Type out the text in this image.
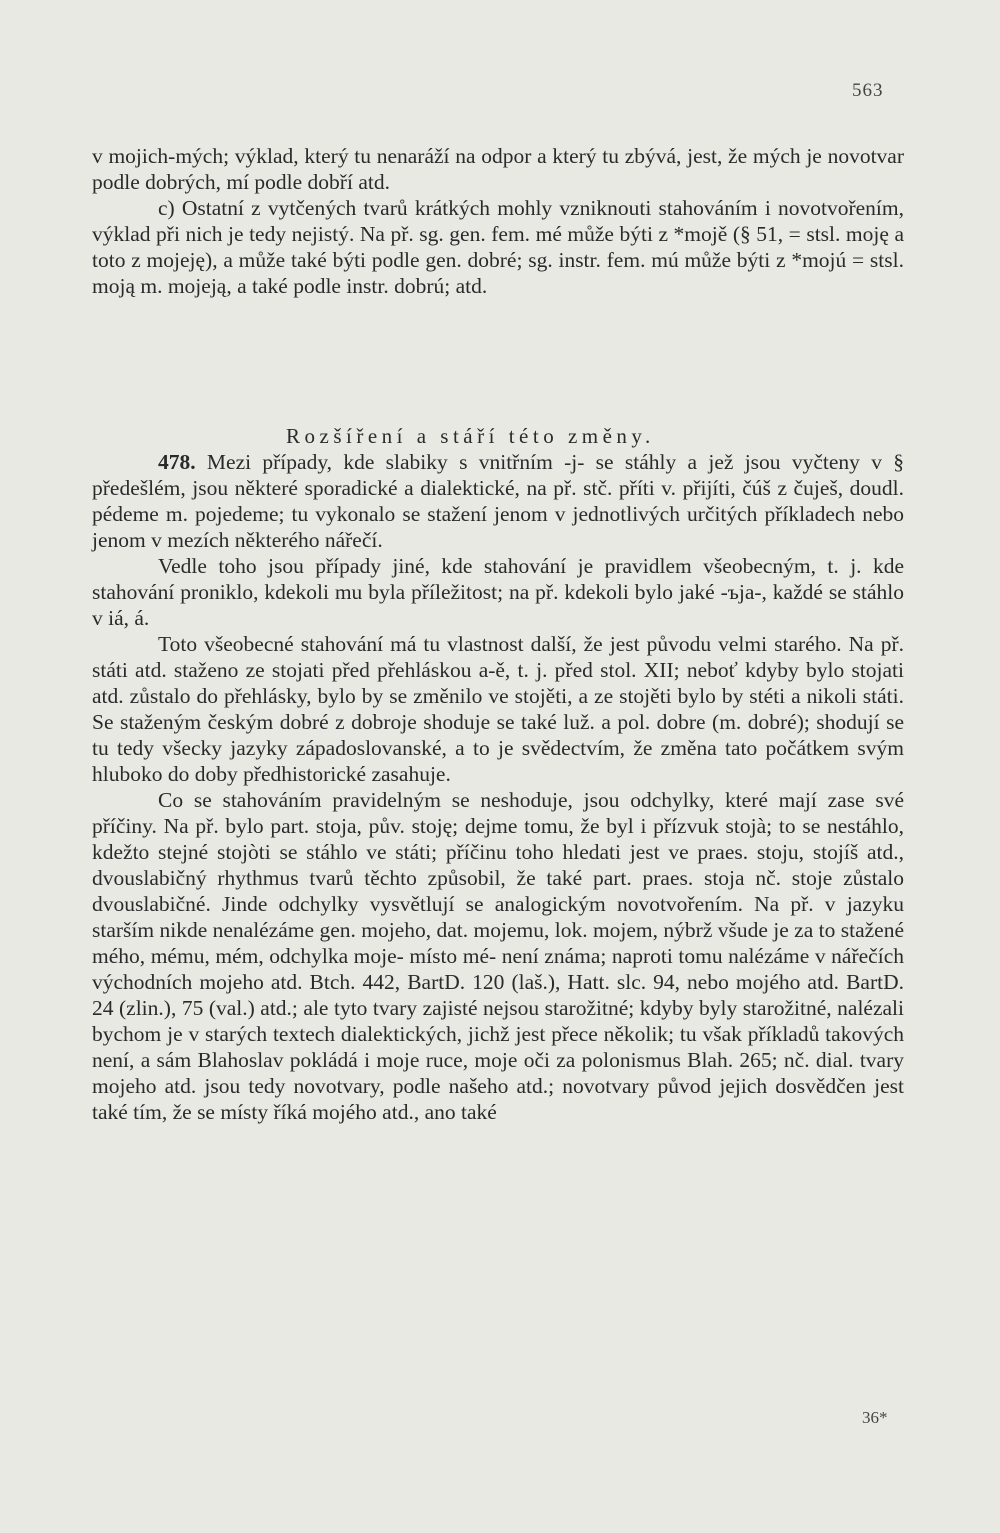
563

v mojich-mých; výklad, který tu nenaráží na odpor a který tu zbývá, jest, že mých je novotvar podle dobrých, mí podle dobří atd.

c) Ostatní z vytčených tvarů krátkých mohly vzniknouti stahováním i novotvořením, výklad při nich je tedy nejistý. Na př. sg. gen. fem. mé může býti z *mojě (§ 51, = stsl. moję a toto z mojeję), a může také býti podle gen. dobré; sg. instr. fem. mú může býti z *mojú = stsl. moją m. mojeją, a také podle instr. dobrú; atd.

Rozšíření a stáří této změny.

478. Mezi případy, kde slabiky s vnitřním -j- se stáhly a jež jsou vyčteny v § předešlém, jsou některé sporadické a dialektické, na př. stč. příti v. přijíti, čúš z čuješ, doudl. pédeme m. pojedeme; tu vykonalo se stažení jenom v jednotlivých určitých příkladech nebo jenom v mezích některého nářečí.

Vedle toho jsou případy jiné, kde stahování je pravidlem všeobecným, t. j. kde stahování proniklo, kdekoli mu byla příležitost; na př. kdekoli bylo jaké -ъja-, každé se stáhlo v iá, á.

Toto všeobecné stahování má tu vlastnost další, že jest původu velmi starého. Na př. státi atd. staženo ze stojati před přehláskou a-ě, t. j. před stol. XII; neboť kdyby bylo stojati atd. zůstalo do přehlásky, bylo by se změnilo ve stojěti, a ze stojěti bylo by stéti a nikoli státi. Se staženým českým dobré z dobroje shoduje se také luž. a pol. dobre (m. dobré); shodují se tu tedy všecky jazyky západoslovanské, a to je svědectvím, že změna tato počátkem svým hluboko do doby předhistorické zasahuje.

Co se stahováním pravidelným se neshoduje, jsou odchylky, které mají zase své příčiny. Na př. bylo part. stoja, pův. stoję; dejme tomu, že byl i přízvuk stojà; to se nestáhlo, kdežto stejné stojòti se stáhlo ve státi; příčinu toho hledati jest ve praes. stoju, stojíš atd., dvouslabičný rhythmus tvarů těchto způsobil, že také part. praes. stoja nč. stoje zůstalo dvouslabičné. Jinde odchylky vysvětlují se analogickým novotvořením. Na př. v jazyku starším nikde nenalézáme gen. mojeho, dat. mojemu, lok. mojem, nýbrž všude je za to stažené mého, mému, mém, odchylka moje- místo mé- není známa; naproti tomu nalézáme v nářečích východních mojeho atd. Btch. 442, BartD. 120 (laš.), Hatt. slc. 94, nebo mojého atd. BartD. 24 (zlin.), 75 (val.) atd.; ale tyto tvary zajisté nejsou starožitné; kdyby byly starožitné, nalézali bychom je v starých textech dialektických, jichž jest přece několik; tu však příkladů takových není, a sám Blahoslav pokládá i moje ruce, moje oči za polonismus Blah. 265; nč. dial. tvary mojeho atd. jsou tedy novotvary, podle našeho atd.; novotvary původ jejich dosvědčen jest také tím, že se místy říká mojého atd., ano také

36*
